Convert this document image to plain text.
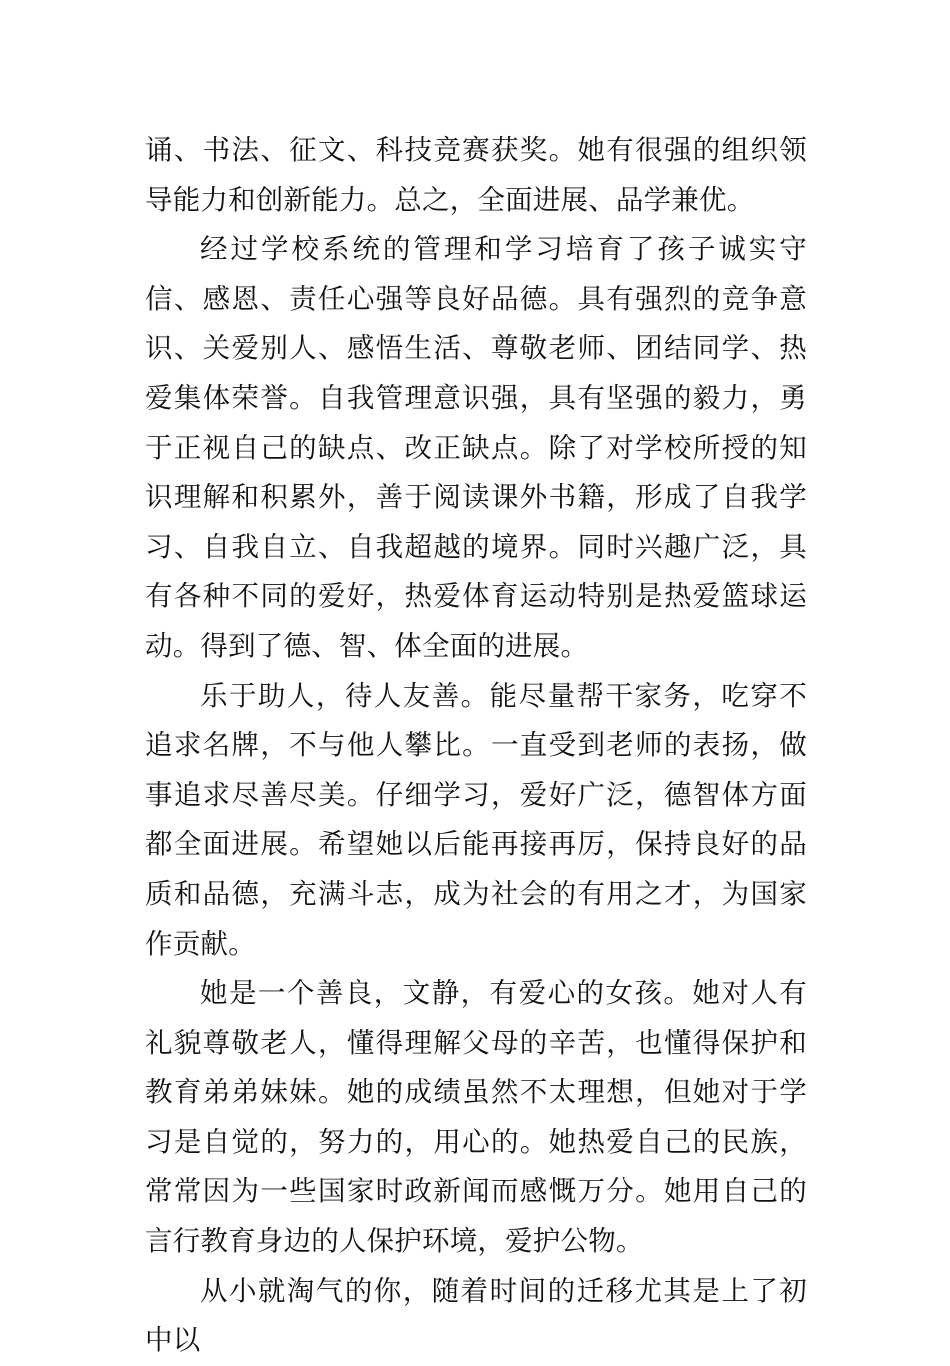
诵、书法、征文、科技竞赛获奖。她有很强的组织领导能力和创新能力。总之，全面进展、品学兼优。

经过学校系统的管理和学习培育了孩子诚实守信、感恩、责任心强等良好品德。具有强烈的竞争意识、关爱别人、感悟生活、尊敬老师、团结同学、热爱集体荣誉。自我管理意识强，具有坚强的毅力，勇于正视自己的缺点、改正缺点。除了对学校所授的知识理解和积累外，善于阅读课外书籍，形成了自我学习、自我自立、自我超越的境界。同时兴趣广泛，具有各种不同的爱好，热爱体育运动特别是热爱篮球运动。得到了德、智、体全面的进展。

乐于助人，待人友善。能尽量帮干家务，吃穿不追求名牌，不与他人攀比。一直受到老师的表扬，做事追求尽善尽美。仔细学习，爱好广泛，德智体方面都全面进展。希望她以后能再接再厉，保持良好的品质和品德，充满斗志，成为社会的有用之才，为国家作贡献。

她是一个善良，文静，有爱心的女孩。她对人有礼貌尊敬老人，懂得理解父母的辛苦，也懂得保护和教育弟弟妹妹。她的成绩虽然不太理想，但她对于学习是自觉的，努力的，用心的。她热爱自己的民族，常常因为一些国家时政新闻而感慨万分。她用自己的言行教育身边的人保护环境，爱护公物。

从小就淘气的你，随着时间的迁移尤其是上了初中以
